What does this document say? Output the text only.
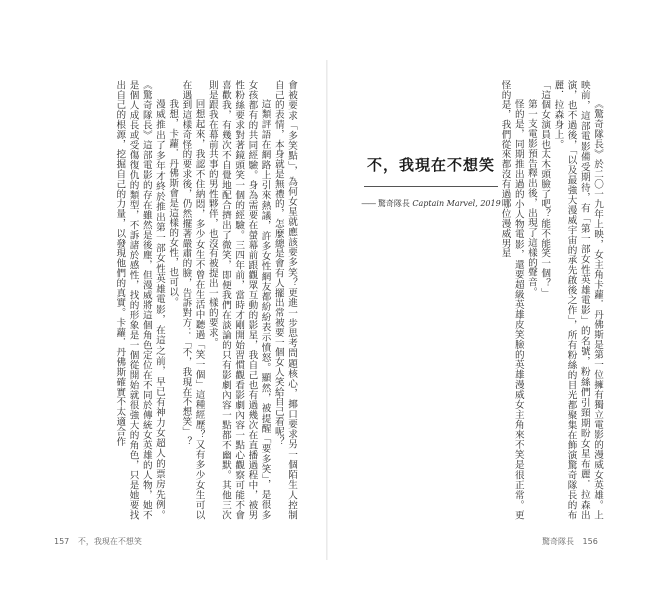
會被要求「多笑點」，為何女星就應該要多笑？更進一步思考問題核心，揶口要求另一個陌生人控制自己的表情，本身就是無禮的，怎麼總是會有人擺出常被要一個女人笑給自己看呢？

這類評語在網路上引來熱議，許多女性網友都紛紛表示憤怒。顯然，被提醒「要多笑」，是很多女孩都有的共同經驗。身為需要在螢幕前跟觀眾互動的影星，我自己也有過幾次在直播過程中，被男性粉絲要求對著鏡頭笑一個的經驗。三四年前，當時才剛開始習慣觀看影劇內容一點心觀察可能不會喜歡我，有幾次不自覺地配合擠出了微笑，即便我們在談論的只有影劇內容一點都不幽默。其他三次則是跟我在幕前共事的男性夥伴，也沒有被提出一樣的要求。

回想起來，我認不住納悶，多少女生不曾在生活中聽過「笑一個」這種經歷？又有多少女生可以在遇到這樣奇怪的要求後，仍然擺著嚴肅的臉，告訴對方：「不，我現在不想笑」？

我想，卡蘿．丹佛斯會是這樣的女性，也可以。

漫威推出了多年才終於推出第一部女性英雄電影，在這之前，早已有神力女超人的票房先例。《驚奇隊長》這部電影的存在雖然是後塵，但漫威將這個角色定位在不同於傳統女英雄的人物，她不是個人成長或受傷復仇的類型，不訴諸於感性，找的形象是一個從開始就很強大的角色，只是她要找出自己的根源，挖掘自己的力量，以發現他們的真實。卡蘿．丹佛斯確實不太適合作

157 不，我現在不想笑
不，我現在不想笑
—— 驚奇隊長 Captain Marvel, 2019	《驚奇隊長》於二〇一九年上映，女主角卡蘿．丹佛斯是第一位擁有獨立電影的漫威女英雄。上映前，這部電影備受期待，有「第一部女性英雄電影」的名號，粉絲們引頸期盼女星布麗．拉森出演，也不過後，「以及最強大漫威宇宙的承先啟後之作」，所有粉絲的目光都聚集在飾演驚奇隊長的布麗．拉森身上。

「這個女演員也太木頭臉了吧？能不能笑一個？」

第一支電影預告釋出後，出現了這樣的聲音。

怪的是，同期推出過的小人物電影，還要超級英雄皮笑臉的英雄漫威女主角來不笑是很正常。更怪的是，我們從來都沒有過哪位漫威男星

驚奇隊長 156
